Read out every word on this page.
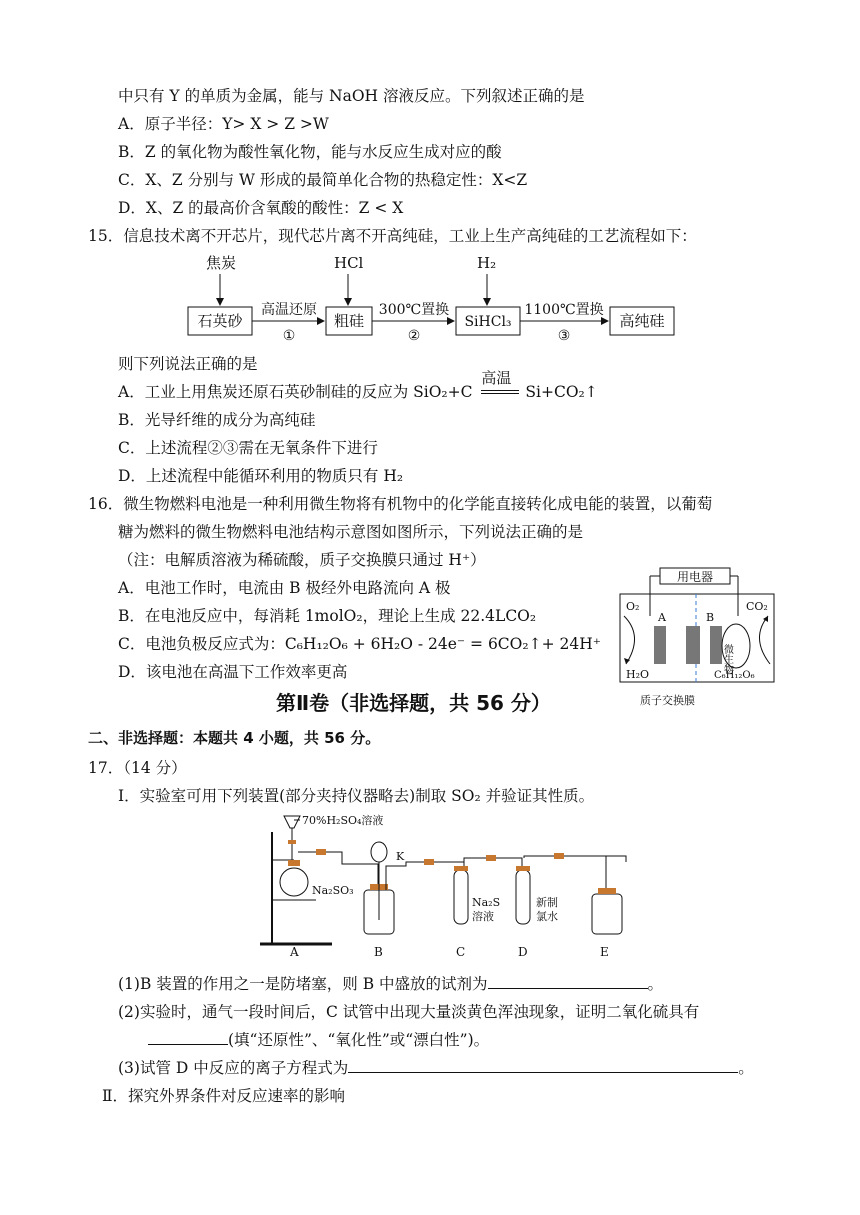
中只有 Y 的单质为金属，能与 NaOH 溶液反应。下列叙述正确的是
A．原子半径：Y> X > Z >W
B．Z 的氧化物为酸性氧化物，能与水反应生成对应的酸
C．X、Z 分别与 W 形成的最简单化合物的热稳定性：X<Z
D．X、Z 的最高价含氧酸的酸性：Z < X
15．信息技术离不开芯片，现代芯片离不开高纯硅，工业上生产高纯硅的工艺流程如下：
焦炭	HCl	H₂
石英砂	粗硅	SiHCl₃	高纯硅
高温还原	300℃置换	1100℃置换
①	②	③
则下列说法正确的是
A．工业上用焦炭还原石英砂制硅的反应为 SiO₂+C
高温
Si+CO₂↑
B．光导纤维的成分为高纯硅
C．上述流程②③需在无氧条件下进行
D．上述流程中能循环利用的物质只有 H₂
16．微生物燃料电池是一种利用微生物将有机物中的化学能直接转化成电能的装置，以葡萄
糖为燃料的微生物燃料电池结构示意图如图所示，下列说法正确的是
（注：电解质溶液为稀硫酸，质子交换膜只通过 H⁺）
A．电池工作时，电流由 B 极经外电路流向 A 极
B．在电池反应中，每消耗 1molO₂，理论上生成 22.4LCO₂
C．电池负极反应式为：C₆H₁₂O₆ + 6H₂O - 24e⁻ = 6CO₂↑+ 24H⁺
D．该电池在高温下工作效率更高
用电器
A	B
O₂
H₂O
微生物
CO₂
C₆H₁₂O₆
质子交换膜
第Ⅱ卷（非选择题，共 56 分）
二、非选择题：本题共 4 小题，共 56 分。
17．（14 分）
Ⅰ．实验室可用下列装置(部分夹持仪器略去)制取 SO₂ 并验证其性质。
70%H₂SO₄溶液
Na₂SO₃
K
Na₂S
溶液
新制
氯水
A	B	C	D	E
(1)B 装置的作用之一是防堵塞，则 B 中盛放的试剂为	。
(2)实验时，通气一段时间后，C 试管中出现大量淡黄色浑浊现象，证明二氧化硫具有
(填“还原性”、“氧化性”或“漂白性”)。
(3)试管 D 中反应的离子方程式为	。
Ⅱ．探究外界条件对反应速率的影响
